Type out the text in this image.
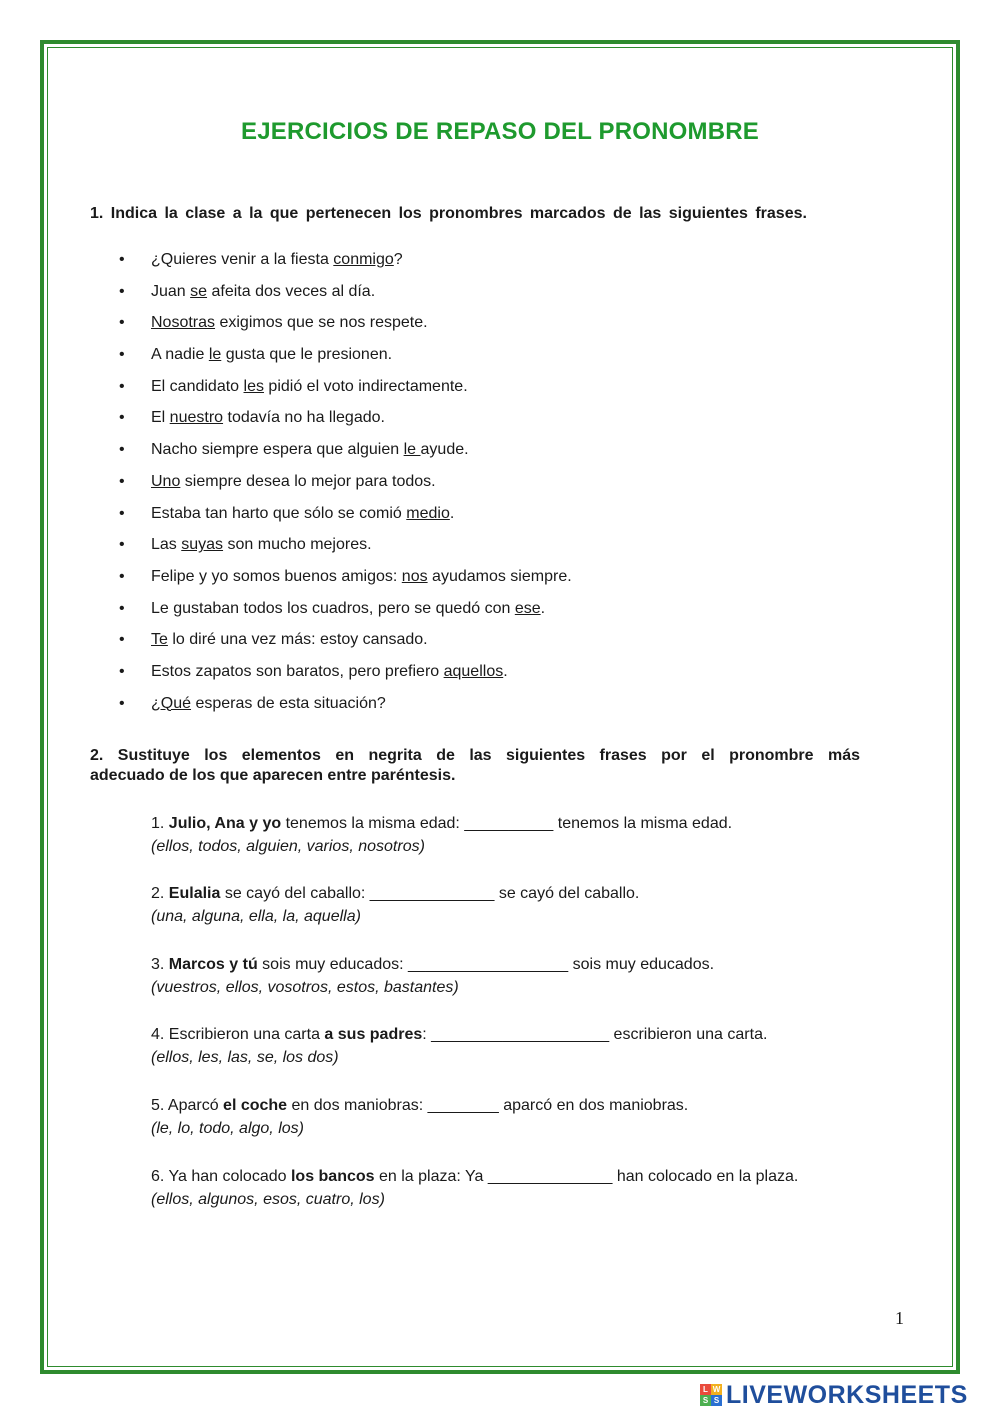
EJERCICIOS DE REPASO DEL PRONOMBRE
1. Indica la clase a la que pertenecen los pronombres marcados de las siguientes frases.
• ¿Quieres venir a la fiesta conmigo?
• Juan se afeita dos veces al día.
• Nosotras exigimos que se nos respete.
• A nadie le gusta que le presionen.
• El candidato les pidió el voto indirectamente.
• El nuestro todavía no ha llegado.
• Nacho siempre espera que alguien le ayude.
• Uno siempre desea lo mejor para todos.
• Estaba tan harto que sólo se comió medio.
• Las suyas son mucho mejores.
• Felipe y yo somos buenos amigos: nos ayudamos siempre.
• Le gustaban todos los cuadros, pero se quedó con ese.
• Te lo diré una vez más: estoy cansado.
• Estos zapatos son baratos, pero prefiero aquellos.
• ¿Qué esperas de esta situación?
2. Sustituye los elementos en negrita de las siguientes frases por el pronombre más
adecuado de los que aparecen entre paréntesis.
1. Julio, Ana y yo tenemos la misma edad: __________ tenemos la misma edad.
(ellos, todos, alguien, varios, nosotros)
2. Eulalia se cayó del caballo: ______________ se cayó del caballo.
(una, alguna, ella, la, aquella)
3. Marcos y tú sois muy educados: __________________ sois muy educados.
(vuestros, ellos, vosotros, estos, bastantes)
4. Escribieron una carta a sus padres: ____________________ escribieron una carta.
(ellos, les, las, se, los dos)
5. Aparcó el coche en dos maniobras: ________ aparcó en dos maniobras.
(le, lo, todo, algo, los)
6. Ya han colocado los bancos en la plaza: Ya ______________ han colocado en la plaza.
(ellos, algunos, esos, cuatro, los)
1
L W
S S LIVEWORKSHEETS
